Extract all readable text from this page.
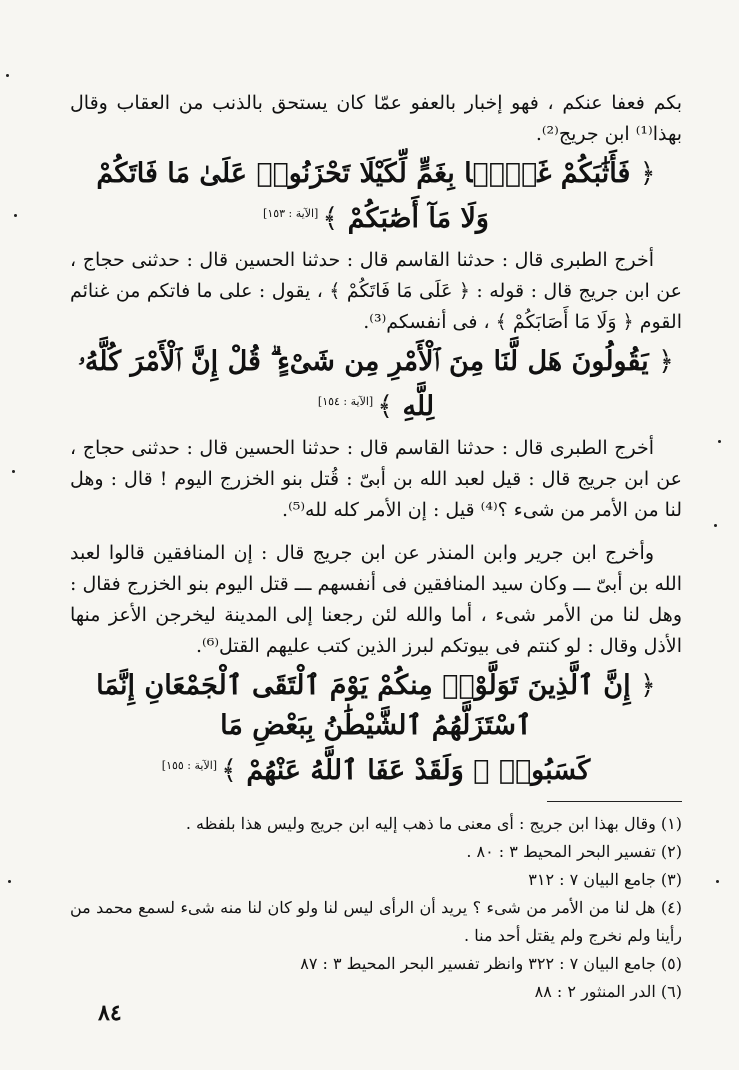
بكم فعفا عنكم ، فهو إخبار بالعفو عمّا كان يستحق بالذنب من العقاب وقال بهذا⁽¹⁾ ابن جريج⁽²⁾.

﴿ فَأَثَٰبَكُمْ غَمًّۢا بِغَمٍّ لِّكَيْلَا تَحْزَنُوا۟ عَلَىٰ مَا فَاتَكُمْ
وَلَا مَآ أَصَٰبَكُمْ ﴾[الآية : ١٥٣]

أخرج الطبرى قال : حدثنا القاسم قال : حدثنا الحسين قال : حدثنى حجاج ، عن ابن جريج قال : قوله : ﴿ عَلَى مَا فَاتَكُمْ ﴾ ، يقول : على ما فاتكم من غنائم القوم ﴿ وَلَا مَا أَصَابَكُمْ ﴾ ، فى أنفسكم⁽³⁾.

﴿ يَقُولُونَ هَل لَّنَا مِنَ ٱلْأَمْرِ مِن شَىْءٍ ۗ قُلْ إِنَّ ٱلْأَمْرَ كُلَّهُۥ لِلَّهِ ﴾[الآية : ١٥٤]

أخرج الطبرى قال : حدثنا القاسم قال : حدثنا الحسين قال : حدثنى حجاج ، عن ابن جريج قال : قيل لعبد الله بن أبىّ : قُتل بنو الخزرج اليوم ! قال : وهل لنا من الأمر من شىء ؟⁽⁴⁾ قيل : إن الأمر كله لله⁽⁵⁾.

وأخرج ابن جرير وابن المنذر عن ابن جريج قال : إن المنافقين قالوا لعبد الله بن أبىّ ـــ وكان سيد المنافقين فى أنفسهم ـــ قتل اليوم بنو الخزرج فقال : وهل لنا من الأمر شىء ، أما والله لئن رجعنا إلى المدينة ليخرجن الأعز منها الأذل وقال : لو كنتم فى بيوتكم لبرز الذين كتب عليهم القتل⁽⁶⁾.

﴿ إِنَّ ٱلَّذِينَ تَوَلَّوْا۟ مِنكُمْ يَوْمَ ٱلْتَقَى ٱلْجَمْعَانِ إِنَّمَا ٱسْتَزَلَّهُمُ ٱلشَّيْطَٰنُ بِبَعْضِ مَا
كَسَبُوا۟ ۖ وَلَقَدْ عَفَا ٱللَّهُ عَنْهُمْ ﴾[الآية : ١٥٥]

(١) وقال بهذا ابن جريج : أى معنى ما ذهب إليه ابن جريج وليس هذا بلفظه .

(٢) تفسير البحر المحيط ٣ : ٨٠ .

(٣) جامع البيان ٧ : ٣١٢

(٤) هل لنا من الأمر من شىء ؟ يريد أن الرأى ليس لنا ولو كان لنا منه شىء لسمع محمد من رأينا ولم نخرج ولم يقتل أحد منا .

(٥) جامع البيان ٧ : ٣٢٢ وانظر تفسير البحر المحيط ٣ : ٨٧

(٦) الدر المنثور ٢ : ٨٨

٨٤
